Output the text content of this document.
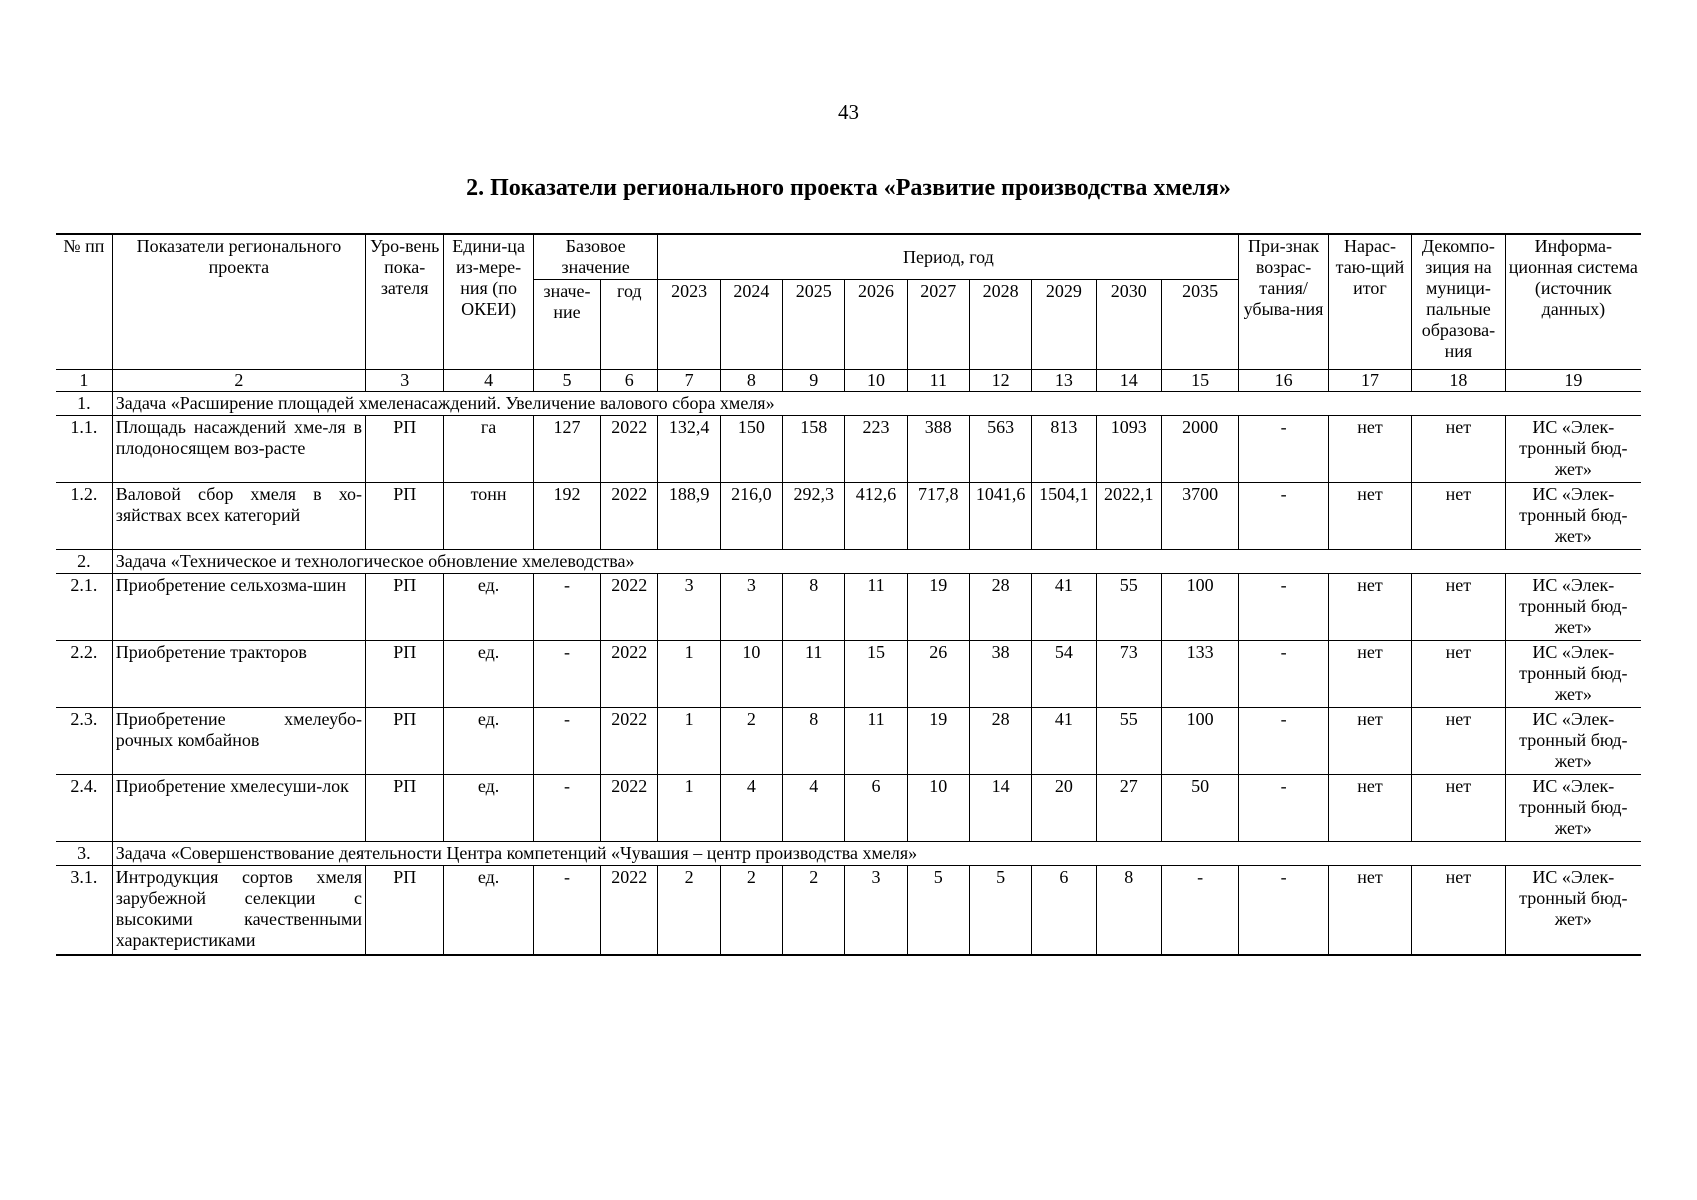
43
2. Показатели регионального проекта «Развитие производства хмеля»
№ пп	Показатели регионального проекта	Уро-вень пока-зателя	Едини-ца из-мере-ния (по ОКЕИ)	Базовое значение		Период, год									При-знак возрас-тания/ убыва-ния	Нарас-таю-щий итог	Декомпо-зиция на муници-пальные образова-ния	Информа-ционная система (источник данных)
				значе-ние	год	2023	2024	2025	2026	2027	2028	2029	2030	2035				

1	2	3	4	5	6	7	8	9	10	11	12	13	14	15	16	17	18	19
1.	Задача «Расширение площадей хмеленасаждений. Увеличение валового сбора хмеля»																	
1.1.	Площадь насаждений хме-ля в плодоносящем воз-расте	РП	га	127	2022	132,4	150	158	223	388	563	813	1093	2000	-	нет	нет	ИС «Элек-тронный бюд-жет»
1.2.	Валовой сбор хмеля в хо-зяйствах всех категорий	РП	тонн	192	2022	188,9	216,0	292,3	412,6	717,8	1041,6	1504,1	2022,1	3700	-	нет	нет	ИС «Элек-тронный бюд-жет»
2.	Задача «Техническое и технологическое обновление хмелеводства»																	
2.1.	Приобретение сельхозма-шин	РП	ед.	-	2022	3	3	8	11	19	28	41	55	100	-	нет	нет	ИС «Элек-тронный бюд-жет»
2.2.	Приобретение тракторов	РП	ед.	-	2022	1	10	11	15	26	38	54	73	133	-	нет	нет	ИС «Элек-тронный бюд-жет»
2.3.	Приобретение хмелеубо-рочных комбайнов	РП	ед.	-	2022	1	2	8	11	19	28	41	55	100	-	нет	нет	ИС «Элек-тронный бюд-жет»
2.4.	Приобретение хмелесуши-лок	РП	ед.	-	2022	1	4	4	6	10	14	20	27	50	-	нет	нет	ИС «Элек-тронный бюд-жет»
3.	Задача «Совершенствование деятельности Центра компетенций «Чувашия – центр производства хмеля»																	
3.1.	Интродукция сортов хмеля зарубежной селекции с высокими качественными характеристиками	РП	ед.	-	2022	2	2	2	3	5	5	6	8	-	-	нет	нет	ИС «Элек-тронный бюд-жет»
